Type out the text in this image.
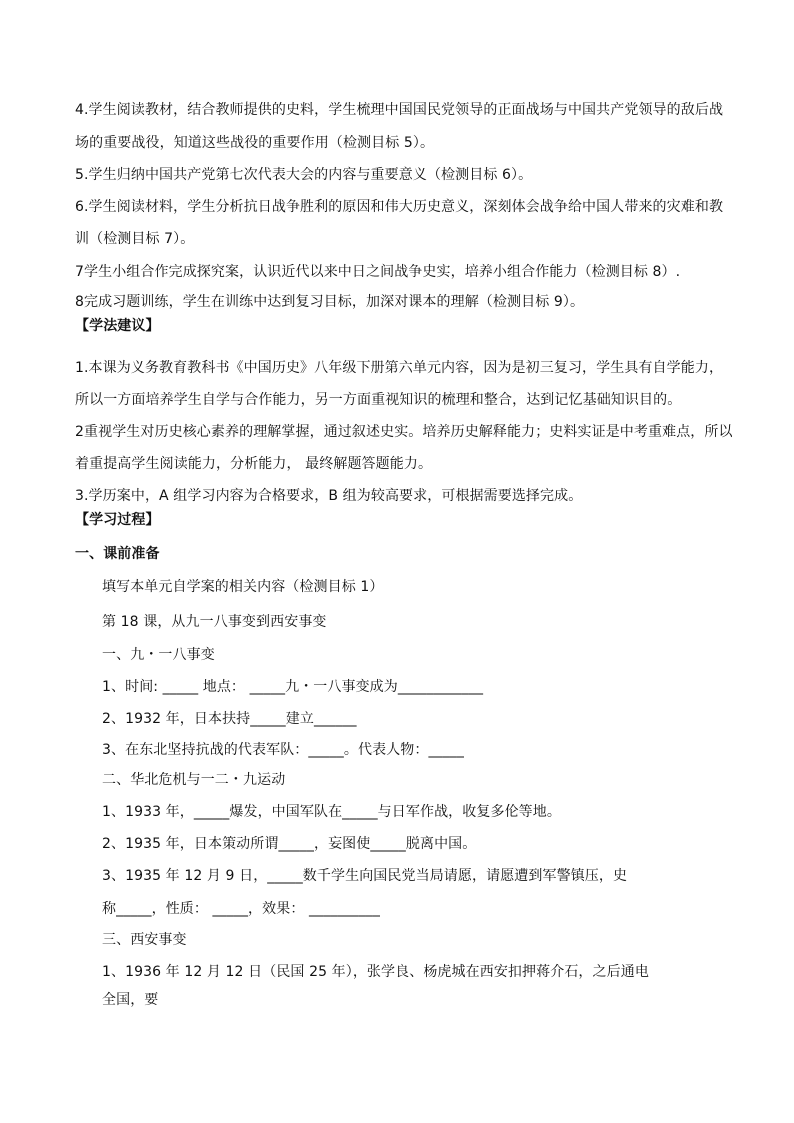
4.学生阅读教材，结合教师提供的史料，学生梳理中国国民党领导的正面战场与中国共产党领导的敌后战
场的重要战役，知道这些战役的重要作用（检测目标 5）。
5.学生归纳中国共产党第七次代表大会的内容与重要意义（检测目标 6）。
6.学生阅读材料，学生分析抗日战争胜利的原因和伟大历史意义，深刻体会战争给中国人带来的灾难和教
训（检测目标 7）。
7学生小组合作完成探究案，认识近代以来中日之间战争史实，培养小组合作能力（检测目标 8）.
8完成习题训练，学生在训练中达到复习目标，加深对课本的理解（检测目标 9）。
【学法建议】
1.本课为义务教育教科书《中国历史》八年级下册第六单元内容，因为是初三复习，学生具有自学能力，
所以一方面培养学生自学与合作能力，另一方面重视知识的梳理和整合，达到记忆基础知识目的。
2重视学生对历史核心素养的理解掌握，通过叙述史实。培养历史解释能力；史料实证是中考重难点，所以
着重提高学生阅读能力，分析能力， 最终解题答题能力。
3.学历案中，A 组学习内容为合格要求，B 组为较高要求，可根据需要选择完成。
【学习过程】
一、课前准备
填写本单元自学案的相关内容（检测目标 1）
第 18 课，从九一八事变到西安事变
一、九・一八事变
1、时间: _____ 地点： _____九・一八事变成为____________
2、1932 年，日本扶持_____建立______
3、在东北坚持抗战的代表军队：_____。代表人物：_____
二、华北危机与一二・九运动
1、1933 年，_____爆发，中国军队在_____与日军作战，收复多伦等地。
2、1935 年，日本策动所谓_____，妄图使_____脱离中国。
3、1935 年 12 月 9 日，_____数千学生向国民党当局请愿，请愿遭到军警镇压，史
称_____，性质： _____，效果： __________
三、西安事变
1、1936 年 12 月 12 日（民国 25 年），张学良、杨虎城在西安扣押蒋介石，之后通电
全国，要
